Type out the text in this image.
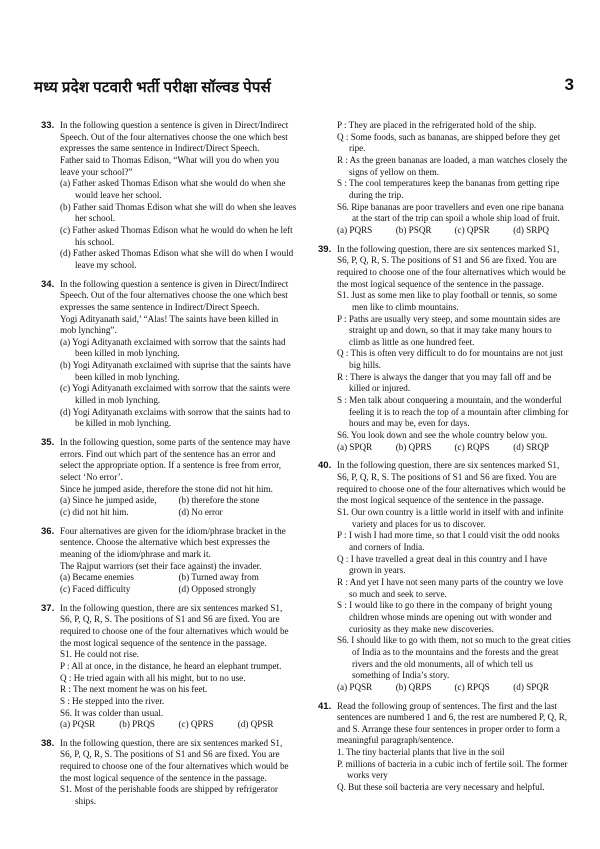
मध्य प्रदेश पटवारी भर्ती परीक्षा सॉल्वड पेपर्स	3
33. In the following question a sentence is given in Direct/Indirect
Speech. Out of the four alternatives choose the one which best
expresses the same sentence in Indirect/Direct Speech.
Father said to Thomas Edison, “What will you do when you
leave your school?”
(a) Father asked Thomas Edison what she would do when she would leave her school.
(b) Father said Thomas Edison what she will do when she leaves her school.
(c) Father asked Thomas Edison what he would do when he left his school.
(d) Father asked Thomas Edison what she will do when I would leave my school.
34. In the following question a sentence is given in Direct/Indirect
Speech. Out of the four alternatives choose the one which best
expresses the same sentence in Indirect/Direct Speech.
Yogi Adityanath said,’ “Alas! The saints have been killed in
mob lynching”.
(a) Yogi Adityanath exclaimed with sorrow that the saints had been killed in mob lynching.
(b) Yogi Adityanath exclaimed with suprise that the saints have been killed in mob lynching.
(c) Yogi Adityanath exclaimed with sorrow that the saints were killed in mob lynching.
(d) Yogi Adityanath exclaims with sorrow that the saints had to be killed in mob lynching.
35. In the following question, some parts of the sentence may have
errors. Find out which part of the sentence has an error and
select the appropriate option. If a sentence is free from error,
select ‘No error’.
Since he jumped aside, therefore the stone did not hit him.
(a) Since he jumped aside,	(b) therefore the stone
(c) did not hit him.	(d) No error
36. Four alternatives are given for the idiom/phrase bracket in the
sentence. Choose the alternative which best expresses the
meaning of the idiom/phrase and mark it.
The Rajput warriors (set their face against) the invader.
(a) Became enemies	(b) Turned away from
(c) Faced difficulty	(d) Opposed strongly
37. In the following question, there are six sentences marked S1,
S6, P, Q, R, S. The positions of S1 and S6 are fixed. You are
required to choose one of the four alternatives which would be
the most logical sequence of the sentence in the passage.
S1. He could not rise.
P : All at once, in the distance, he heard an elephant trumpet.
Q : He tried again with all his might, but to no use.
R : The next moment he was on his feet.
S : He stepped into the river.
S6. It was colder than usual.
(a) PQSR	(b) PRQS	(c) QPRS	(d) QPSR
38. In the following question, there are six sentences marked S1,
S6, P, Q, R, S. The positions of S1 and S6 are fixed. You are
required to choose one of the four alternatives which would be
the most logical sequence of the sentence in the passage.
S1. Most of the perishable foods are shipped by refrigerator ships.
P : They are placed in the refrigerated hold of the ship.
Q : Some foods, such as bananas, are shipped before they get ripe.
R : As the green bananas are loaded, a man watches closely the signs of yellow on them.
S : The cool temperatures keep the bananas from getting ripe during the trip.
S6. Ripe bananas are poor travellers and even one ripe banana at the start of the trip can spoil a whole ship load of fruit.
(a) PQRS	(b) PSQR	(c) QPSR	(d) SRPQ
39. In the following question, there are six sentences marked S1,
S6, P, Q, R, S. The positions of S1 and S6 are fixed. You are
required to choose one of the four alternatives which would be
the most logical sequence of the sentence in the passage.
S1. Just as some men like to play football or tennis, so some men like to climb mountains.
P : Paths are usually very steep, and some mountain sides are straight up and down, so that it may take many hours to climb as little as one hundred feet.
Q : This is often very difficult to do for mountains are not just big hills.
R : There is always the danger that you may fall off and be killed or injured.
S : Men talk about conquering a mountain, and the wonderful feeling it is to reach the top of a mountain after climbing for hours and may be, even for days.
S6. You look down and see the whole country below you.
(a) SPQR	(b) QPRS	(c) RQPS	(d) SRQP
40. In the following question, there are six sentences marked S1,
S6, P, Q, R, S. The positions of S1 and S6 are fixed. You are
required to choose one of the four alternatives which would be
the most logical sequence of the sentence in the passage.
S1. Our own country is a little world in itself with and infinite variety and places for us to discover.
P : I wish I had more time, so that I could visit the odd nooks and corners of India.
Q : I have travelled a great deal in this country and I have grown in years.
R : And yet I have not seen many parts of the country we love so much and seek to serve.
S : I would like to go there in the company of bright young children whose minds are opening out with wonder and curiosity as they make new discoveries.
S6. I should like to go with them, not so much to the great cities of India as to the mountains and the forests and the great rivers and the old monuments, all of which tell us something of India’s story.
(a) PQSR	(b) QRPS	(c) RPQS	(d) SPQR
41. Read the following group of sentences. The first and the last
sentences are numbered 1 and 6, the rest are numbered P, Q, R,
and S. Arrange these four sentences in proper order to form a
meaningful paragraph/sentence.
1. The tiny bacterial plants that live in the soil
P. millions of bacteria in a cubic inch of fertile soil. The former works very
Q. But these soil bacteria are very necessary and helpful.
